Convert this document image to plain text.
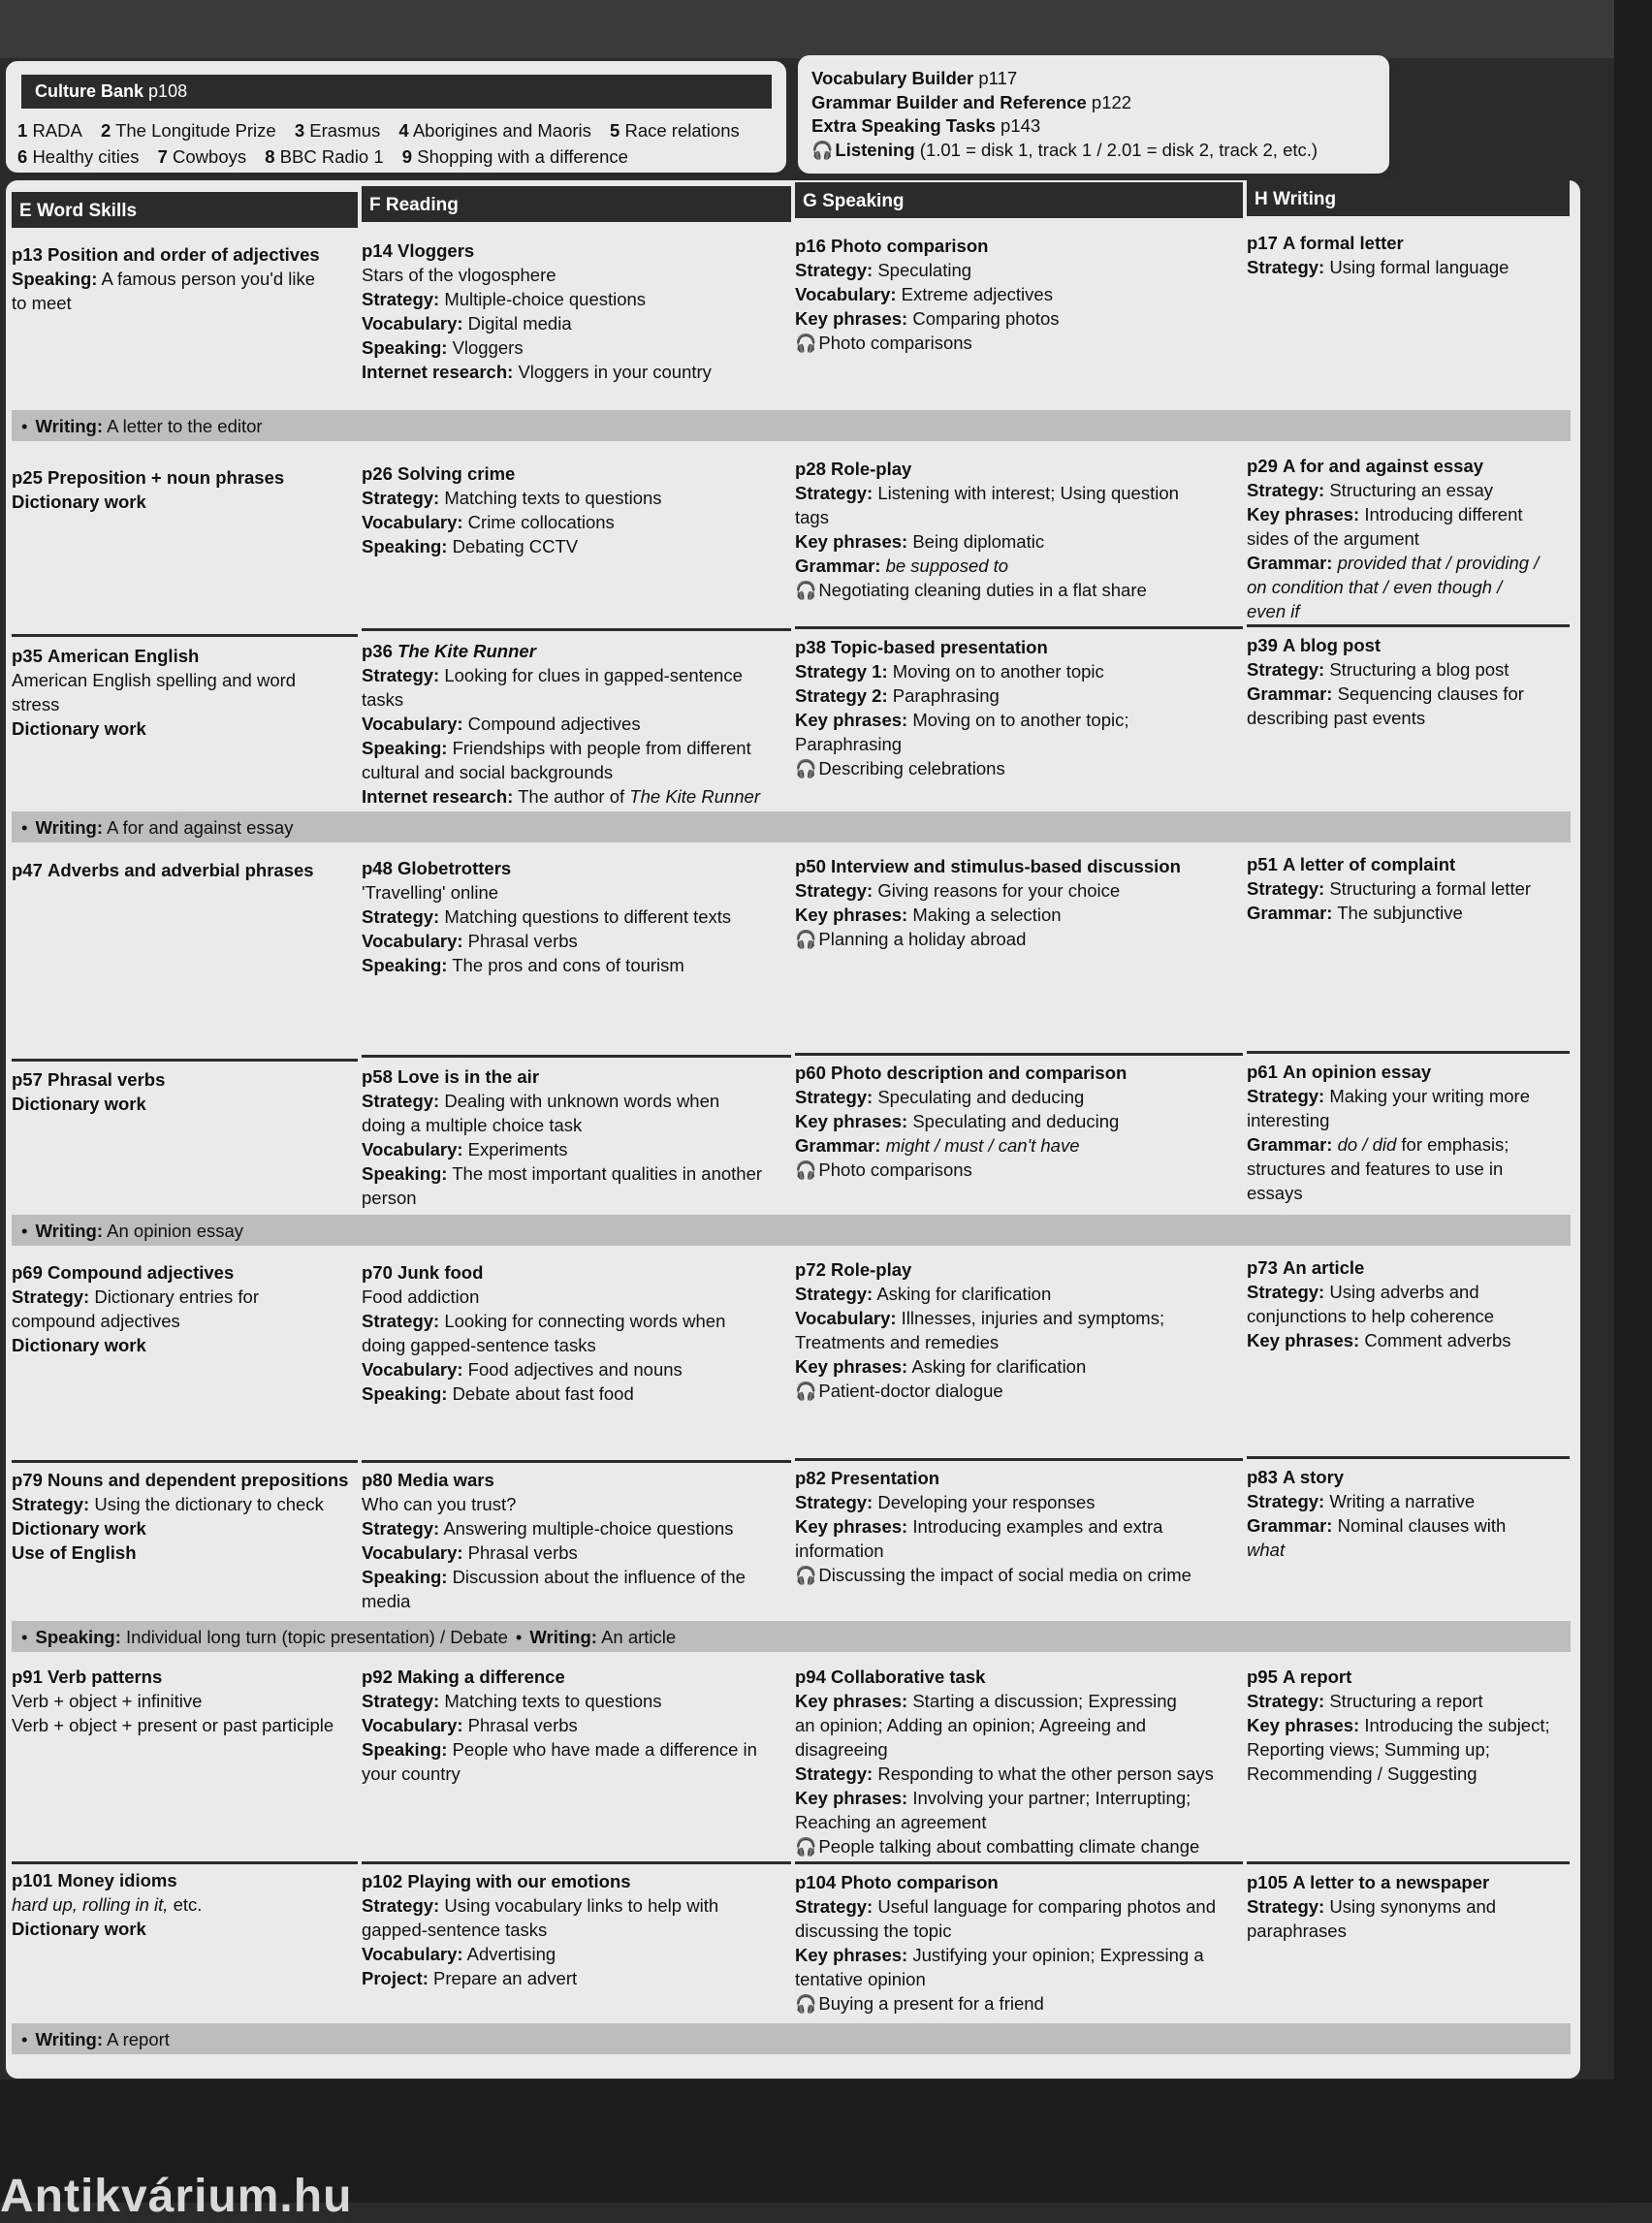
Antikvárium.hu
Culture Bank p108
1 RADA 2 The Longitude Prize 3 Erasmus 4 Aborigines and Maoris 5 Race relations
6 Healthy cities 7 Cowboys 8 BBC Radio 1 9 Shopping with a difference
Vocabulary Builder p117
Grammar Builder and Reference p122
Extra Speaking Tasks p143
🎧 Listening (1.01 = disk 1, track 1 / 2.01 = disk 2, track 2, etc.)
• Writing: A letter to the editor
• Writing: A for and against essay
• Writing: An opinion essay
• Speaking: Individual long turn (topic presentation) / Debate • Writing: An article
• Writing: A report
E Word Skills
p13 Position and order of adjectives
Speaking: A famous person you'd like
to meet
p25 Preposition + noun phrases
Dictionary work
p35 American English
American English spelling and word
stress
Dictionary work
p47 Adverbs and adverbial phrases
p57 Phrasal verbs
Dictionary work
p69 Compound adjectives
Strategy: Dictionary entries for
compound adjectives
Dictionary work
p79 Nouns and dependent prepositions
Strategy: Using the dictionary to check
Dictionary work
Use of English
p91 Verb patterns
Verb + object + infinitive
Verb + object + present or past participle
p101 Money idioms
hard up, rolling in it, etc.
Dictionary work
F Reading
p14 Vloggers
Stars of the vlogosphere
Strategy: Multiple-choice questions
Vocabulary: Digital media
Speaking: Vloggers
Internet research: Vloggers in your country
p26 Solving crime
Strategy: Matching texts to questions
Vocabulary: Crime collocations
Speaking: Debating CCTV
p36 The Kite Runner
Strategy: Looking for clues in gapped-sentence
tasks
Vocabulary: Compound adjectives
Speaking: Friendships with people from different
cultural and social backgrounds
Internet research: The author of The Kite Runner
p48 Globetrotters
'Travelling' online
Strategy: Matching questions to different texts
Vocabulary: Phrasal verbs
Speaking: The pros and cons of tourism
p58 Love is in the air
Strategy: Dealing with unknown words when
doing a multiple choice task
Vocabulary: Experiments
Speaking: The most important qualities in another
person
p70 Junk food
Food addiction
Strategy: Looking for connecting words when
doing gapped-sentence tasks
Vocabulary: Food adjectives and nouns
Speaking: Debate about fast food
p80 Media wars
Who can you trust?
Strategy: Answering multiple-choice questions
Vocabulary: Phrasal verbs
Speaking: Discussion about the influence of the
media
p92 Making a difference
Strategy: Matching texts to questions
Vocabulary: Phrasal verbs
Speaking: People who have made a difference in
your country
p102 Playing with our emotions
Strategy: Using vocabulary links to help with
gapped-sentence tasks
Vocabulary: Advertising
Project: Prepare an advert
G Speaking
p16 Photo comparison
Strategy: Speculating
Vocabulary: Extreme adjectives
Key phrases: Comparing photos
🎧 Photo comparisons
p28 Role-play
Strategy: Listening with interest; Using question
tags
Key phrases: Being diplomatic
Grammar: be supposed to
🎧 Negotiating cleaning duties in a flat share
p38 Topic-based presentation
Strategy 1: Moving on to another topic
Strategy 2: Paraphrasing
Key phrases: Moving on to another topic;
Paraphrasing
🎧 Describing celebrations
p50 Interview and stimulus-based discussion
Strategy: Giving reasons for your choice
Key phrases: Making a selection
🎧 Planning a holiday abroad
p60 Photo description and comparison
Strategy: Speculating and deducing
Key phrases: Speculating and deducing
Grammar: might / must / can't have
🎧 Photo comparisons
p72 Role-play
Strategy: Asking for clarification
Vocabulary: Illnesses, injuries and symptoms;
Treatments and remedies
Key phrases: Asking for clarification
🎧 Patient-doctor dialogue
p82 Presentation
Strategy: Developing your responses
Key phrases: Introducing examples and extra
information
🎧 Discussing the impact of social media on crime
p94 Collaborative task
Key phrases: Starting a discussion; Expressing
an opinion; Adding an opinion; Agreeing and
disagreeing
Strategy: Responding to what the other person says
Key phrases: Involving your partner; Interrupting;
Reaching an agreement
🎧 People talking about combatting climate change
p104 Photo comparison
Strategy: Useful language for comparing photos and
discussing the topic
Key phrases: Justifying your opinion; Expressing a
tentative opinion
🎧 Buying a present for a friend
H Writing
p17 A formal letter
Strategy: Using formal language
p29 A for and against essay
Strategy: Structuring an essay
Key phrases: Introducing different
sides of the argument
Grammar: provided that / providing /
on condition that / even though /
even if
p39 A blog post
Strategy: Structuring a blog post
Grammar: Sequencing clauses for
describing past events
p51 A letter of complaint
Strategy: Structuring a formal letter
Grammar: The subjunctive
p61 An opinion essay
Strategy: Making your writing more
interesting
Grammar: do / did for emphasis;
structures and features to use in
essays
p73 An article
Strategy: Using adverbs and
conjunctions to help coherence
Key phrases: Comment adverbs
p83 A story
Strategy: Writing a narrative
Grammar: Nominal clauses with
what
p95 A report
Strategy: Structuring a report
Key phrases: Introducing the subject;
Reporting views; Summing up;
Recommending / Suggesting
p105 A letter to a newspaper
Strategy: Using synonyms and
paraphrases
